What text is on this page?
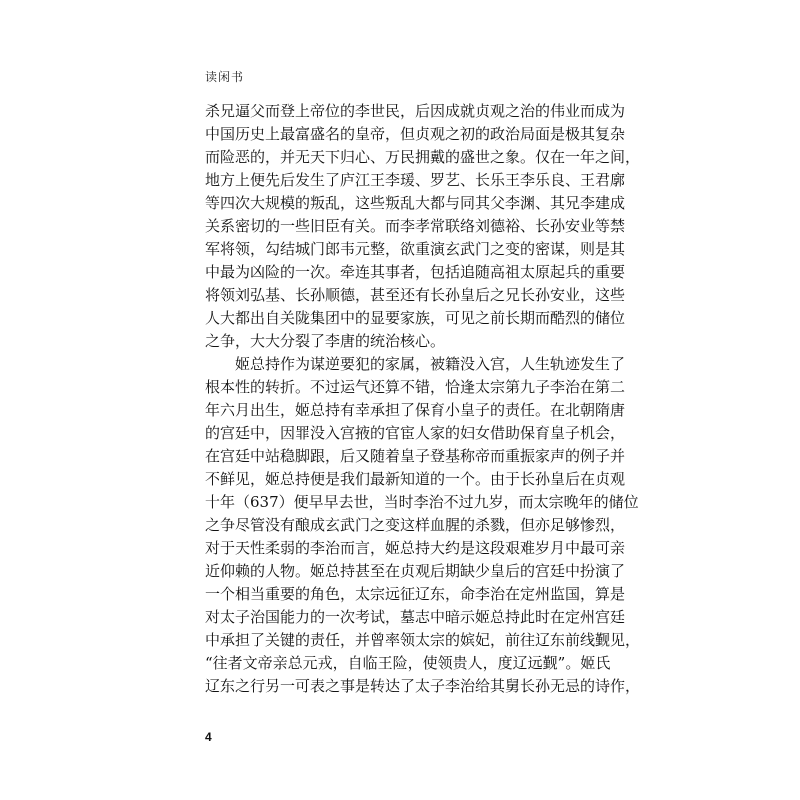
读闲书
杀兄逼父而登上帝位的李世民，后因成就贞观之治的伟业而成为
中国历史上最富盛名的皇帝，但贞观之初的政治局面是极其复杂
而险恶的，并无天下归心、万民拥戴的盛世之象。仅在一年之间，
地方上便先后发生了庐江王李瑗、罗艺、长乐王李乐良、王君廓
等四次大规模的叛乱，这些叛乱大都与同其父李渊、其兄李建成
关系密切的一些旧臣有关。而李孝常联络刘德裕、长孙安业等禁
军将领，勾结城门郎韦元整，欲重演玄武门之变的密谋，则是其
中最为凶险的一次。牵连其事者，包括追随高祖太原起兵的重要
将领刘弘基、长孙顺德，甚至还有长孙皇后之兄长孙安业，这些
人大都出自关陇集团中的显要家族，可见之前长期而酷烈的储位
之争，大大分裂了李唐的统治核心。
姬总持作为谋逆要犯的家属，被籍没入宫，人生轨迹发生了
根本性的转折。不过运气还算不错，恰逢太宗第九子李治在第二
年六月出生，姬总持有幸承担了保育小皇子的责任。在北朝隋唐
的宫廷中，因罪没入宫掖的官宦人家的妇女借助保育皇子机会，
在宫廷中站稳脚跟，后又随着皇子登基称帝而重振家声的例子并
不鲜见，姬总持便是我们最新知道的一个。由于长孙皇后在贞观
十年（637）便早早去世，当时李治不过九岁，而太宗晚年的储位
之争尽管没有酿成玄武门之变这样血腥的杀戮，但亦足够惨烈，
对于天性柔弱的李治而言，姬总持大约是这段艰难岁月中最可亲
近仰赖的人物。姬总持甚至在贞观后期缺少皇后的宫廷中扮演了
一个相当重要的角色，太宗远征辽东，命李治在定州监国，算是
对太子治国能力的一次考试，墓志中暗示姬总持此时在定州宫廷
中承担了关键的责任，并曾率领太宗的嫔妃，前往辽东前线觐见，
“往者文帝亲总元戎，自临王险，使领贵人，度辽远觐”。姬氏
辽东之行另一可表之事是转达了太子李治给其舅长孙无忌的诗作，
4
